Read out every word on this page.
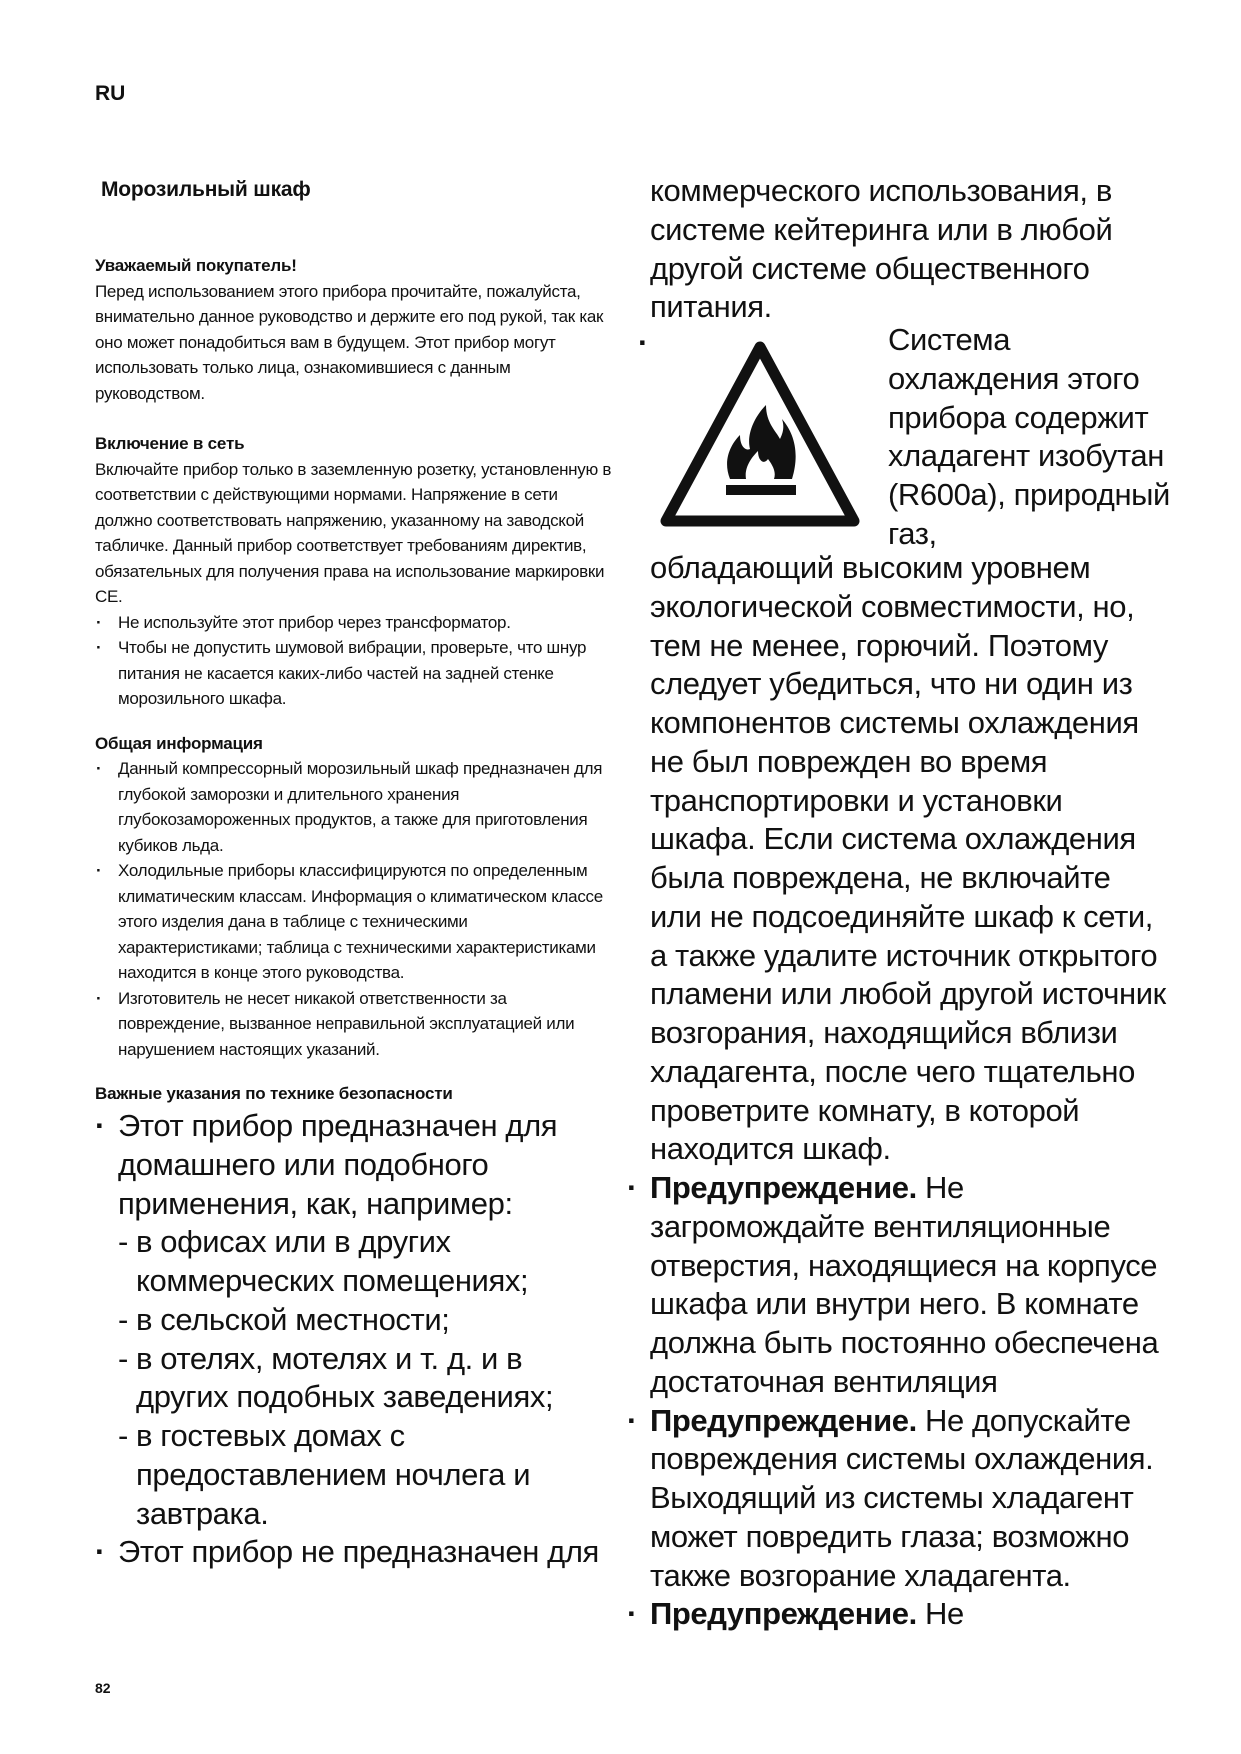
RU
Морозильный шкаф
Уважаемый покупатель!

Перед использованием этого прибора прочитайте, пожалуйста, внимательно данное руководство и держите его под рукой, так как оно может понадобиться вам в будущем. Этот прибор могут использовать только лица, ознакомившиеся с данным руководством.

Включение в сеть

Включайте прибор только в заземленную розетку, установленную в соответствии с действующими нормами. Напряжение в сети должно соответствовать напряжению, указанному на заводской табличке. Данный прибор соответствует требованиям директив, обязательных для получения права на использование маркировки CE.

· Не используйте этот прибор через трансформатор.
· Чтобы не допустить шумовой вибрации, проверьте, что шнур питания не касается каких-либо частей на задней стенке морозильного шкафа.
Общая информация
· Данный компрессорный морозильный шкаф предназначен для глубокой заморозки и длительного хранения глубокозамороженных продуктов, а также для приготовления кубиков льда.
· Холодильные приборы классифицируются по определенным климатическим классам. Информация о климатическом классе этого изделия дана в таблице с техническими характеристиками; таблица с техническими характеристиками находится в конце этого руководства.
· Изготовитель не несет никакой ответственности за повреждение, вызванное неправильной эксплуатацией или нарушением настоящих указаний.
Важные указания по технике безопасности
· Этот прибор предназначен для домашнего или подобного применения, как, например:
- в офисах или в других коммерческих помещениях;
- в сельской местности;
- в отелях, мотелях и т. д. и в других подобных заведениях;
- в гостевых домах с предоставлением ночлега и завтрака.
· Этот прибор не предназначен для

коммерческого использования, в системе кейтеринга или в любой другой системе общественного питания.

·	Система охлаждения этого прибора содержит хладагент изобутан (R600a), природный газ,

обладающий высоким уровнем экологической совместимости, но, тем не менее, горючий. Поэтому следует убедиться, что ни один из компонентов системы охлаждения не был поврежден во время транспортировки и установки шкафа. Если система охлаждения была повреждена, не включайте или не подсоединяйте шкаф к сети, а также удалите источник открытого пламени или любой другой источник возгорания, находящийся вблизи хладагента, после чего тщательно проветрите комнату, в которой находится шкаф.

· Предупреждение. Не загромождайте вентиляционные отверстия, находящиеся на корпусе шкафа или внутри него. В комнате должна быть постоянно обеспечена достаточная вентиляция
· Предупреждение. Не допускайте повреждения системы охлаждения. Выходящий из системы хладагент может повредить глаза; возможно также возгорание хладагента.
· Предупреждение. Не
82
